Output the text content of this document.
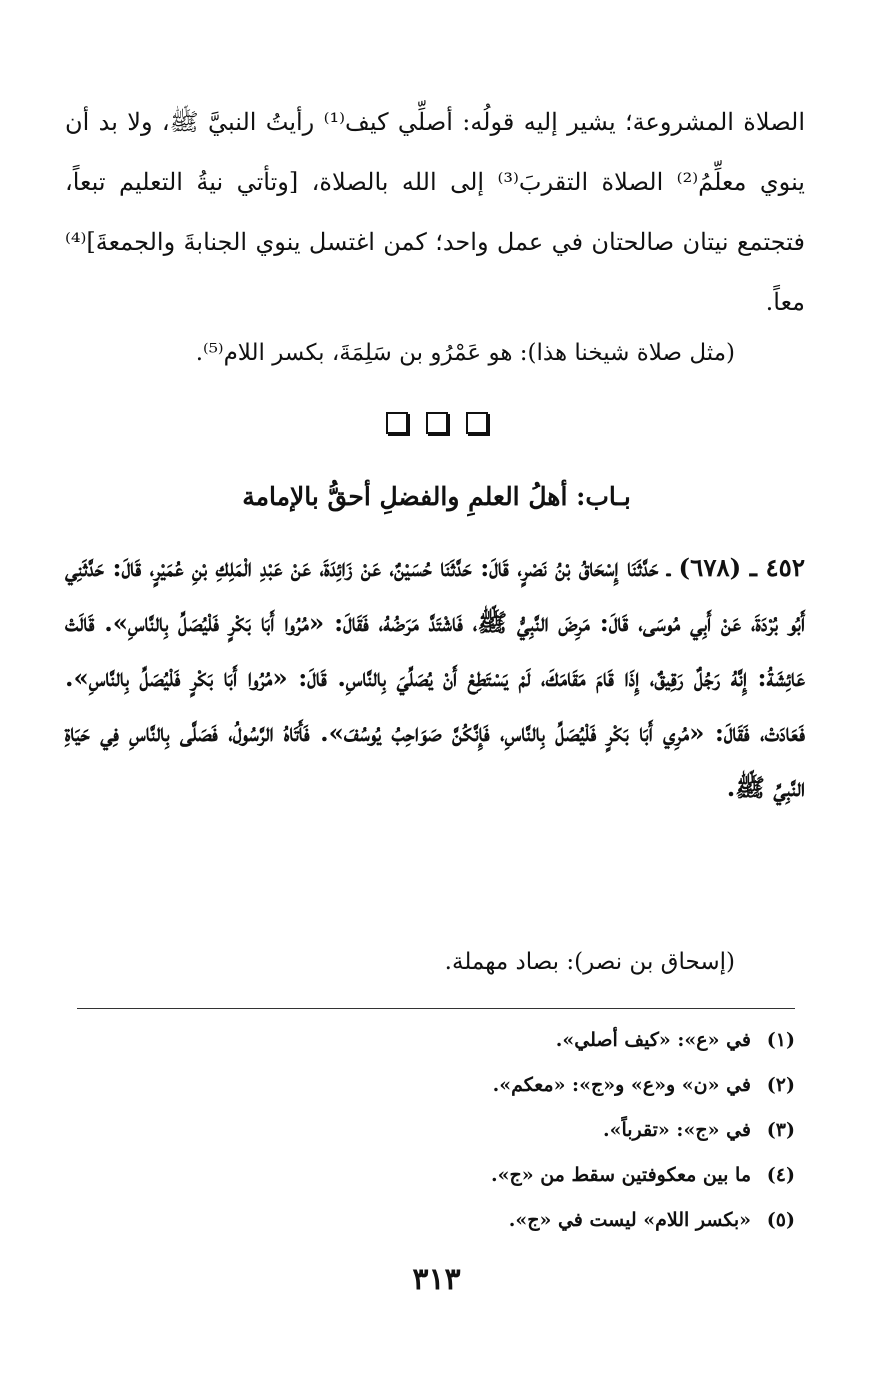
الصلاة المشروعة؛ يشير إليه قولُه: أصلِّي كيف⁽¹⁾ رأيتُ النبيَّ ﷺ، ولا بد أن ينوي معلِّمُ⁽²⁾ الصلاة التقربَ⁽³⁾ إلى الله بالصلاة، [وتأتي نيةُ التعليم تبعاً، فتجتمع نيتان صالحتان في عمل واحد؛ كمن اغتسل ينوي الجنابةَ والجمعةَ]⁽⁴⁾ معاً.

(مثل صلاة شيخنا هذا): هو عَمْرُو بن سَلِمَةَ، بكسر اللام⁽⁵⁾.

بـاب: أهلُ العلمِ والفضلِ أحقُّ بالإمامة

٤٥٢ ـ (٦٧٨) ـ حَدَّثَنَا إِسْحَاقُ بْنُ نَصْرٍ، قَالَ: حَدَّثَنَا حُسَيْنٌ، عَنْ زَائِدَةَ، عَنْ عَبْدِ الْمَلِكِ بْنِ عُمَيْرٍ، قَالَ: حَدَّثَنِي أَبُو بُرْدَةَ، عَنْ أَبِي مُوسَى، قَالَ: مَرِضَ النَّبِيُّ ﷺ، فَاشْتَدَّ مَرَضُهُ، فَقَالَ: «مُرُوا أَبَا بَكْرٍ فَلْيُصَلِّ بِالنَّاسِ». قَالَتْ عَائِشَةُ: إِنَّهُ رَجُلٌ رَقِيقٌ، إِذَا قَامَ مَقَامَكَ، لَمْ يَسْتَطِعْ أَنْ يُصَلِّيَ بِالنَّاسِ. قَالَ: «مُرُوا أَبَا بَكْرٍ فَلْيُصَلِّ بِالنَّاسِ». فَعَادَتْ، فَقَالَ: «مُرِي أَبَا بَكْرٍ فَلْيُصَلِّ بِالنَّاسِ، فَإِنَّكُنَّ صَوَاحِبُ يُوسُفَ». فَأَتَاهُ الرَّسُولُ، فَصَلَّى بِالنَّاسِ فِي حَيَاةِ النَّبِيِّ ﷺ.

(إسحاق بن نصر): بصاد مهملة.

(١)في «ع»: «كيف أصلي».
(٢)في «ن» و«ع» و«ج»: «معكم».
(٣)في «ج»: «تقرباً».
(٤)ما بين معكوفتين سقط من «ج».
(٥)«بكسر اللام» ليست في «ج».
٣١٣
